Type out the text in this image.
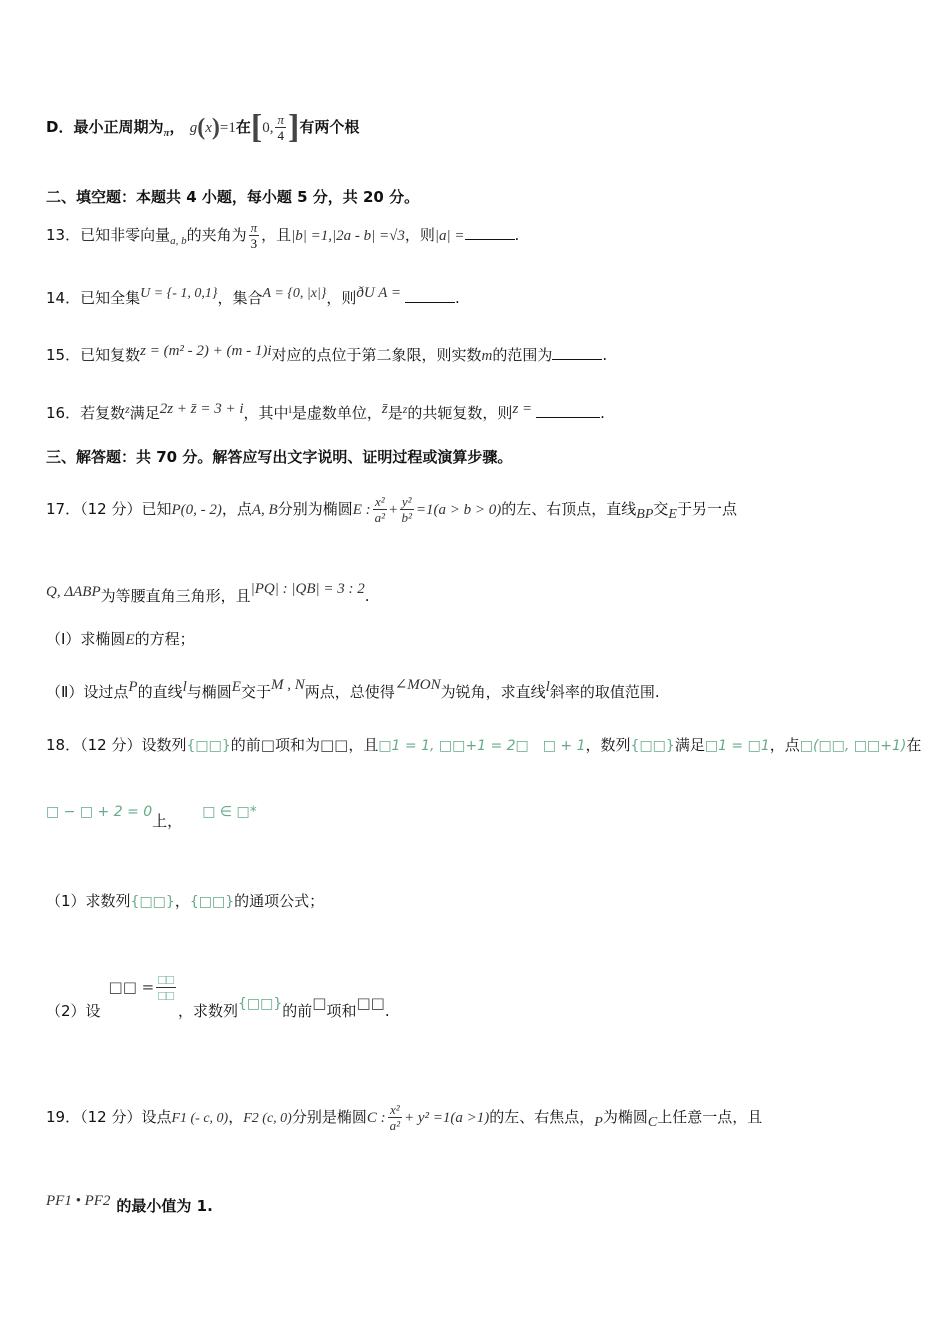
D．最小正周期为$_\pi$， g(x)=1在[0, $\frac{\pi}{4}$ ]有两个根
二、填空题：本题共 4 小题，每小题 5 分，共 20 分。
13．已知非零向量$_{a, b}$的夹角为 $\frac{\pi}{3}$ ，且|b| =1,|2a - b| =√3，则|a| =	.
14．已知全集U = {- 1, 0,1}，集合A = {0, |x|}，则ðU A =	.
15．已知复数z = (m² - 2) + (m - 1)i对应的点位于第二象限，则实数m的范围为	.
16．若复数$^z$满足2z + z̄ = 3 + i，其中$^i$是虚数单位，z̄是$^z$的共轭复数，则z =	.
三、解答题：共 70 分。解答应写出文字说明、证明过程或演算步骤。
17．（12 分）已知P(0, - 2)，点A, B分别为椭圆E : $\frac{\text{x²}}{\text{a²}} + \frac{\text{y²}}{\text{b²}} =1(a > b > 0)$的左、右顶点，直线BP交E于另一点
Q, ΔABP为等腰直角三角形，且|PQ| : |QB| = 3 : 2.
（Ⅰ）求椭圆E的方程；
（Ⅱ）设过点P的直线l与椭圆E交于M , N两点，总使得∠MON为锐角，求直线l斜率的取值范围.
18．（12 分）设数列{□□}的前□项和为□□，且□1 = 1, □□+1 = 2□　□ + 1，数列{□□}满足□1 = □1，点□(□□, □□+1)在
□ − □ + 2 = 0上， □ ∈ □*
（1）求数列{□□}，{□□}的通项公式；
（2）设□□ = $\frac{□□}{□□}$
，求数列{□□}的前□项和□□.
19．（12 分）设点F1 (- c, 0)，F2 (c, 0)分别是椭圆C : $\frac{\text{x²}}{\text{a²}} + y^2 =1(a >1)$的左、右焦点，P为椭圆C上任意一点，且
PF1 • PF2 的最小值为 1.
